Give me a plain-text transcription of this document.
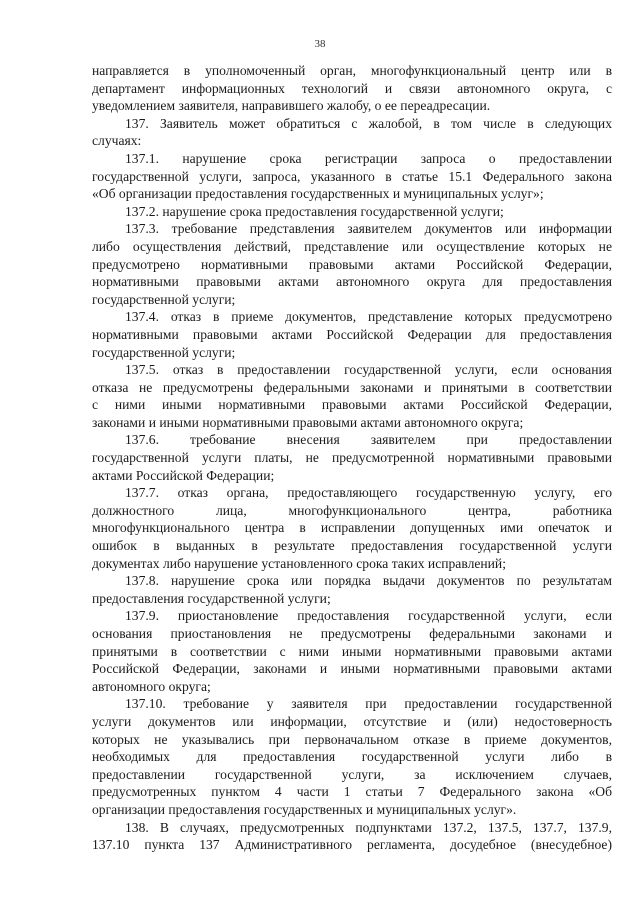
38
направляется в уполномоченный орган, многофункциональный центр или в
департамент информационных технологий и связи автономного округа, с
уведомлением заявителя, направившего жалобу, о ее переадресации.
137. Заявитель может обратиться с жалобой, в том числе в следующих
случаях:
137.1. нарушение срока регистрации запроса о предоставлении
государственной услуги, запроса, указанного в статье 15.1 Федерального закона
«Об организации предоставления государственных и муниципальных услуг»;
137.2. нарушение срока предоставления государственной услуги;
137.3. требование представления заявителем документов или информации
либо осуществления действий, представление или осуществление которых не
предусмотрено нормативными правовыми актами Российской Федерации,
нормативными правовыми актами автономного округа для предоставления
государственной услуги;
137.4. отказ в приеме документов, представление которых предусмотрено
нормативными правовыми актами Российской Федерации для предоставления
государственной услуги;
137.5. отказ в предоставлении государственной услуги, если основания
отказа не предусмотрены федеральными законами и принятыми в соответствии
с ними иными нормативными правовыми актами Российской Федерации,
законами и иными нормативными правовыми актами автономного округа;
137.6. требование внесения заявителем при предоставлении
государственной услуги платы, не предусмотренной нормативными правовыми
актами Российской Федерации;
137.7. отказ органа, предоставляющего государственную услугу, его
должностного лица, многофункционального центра, работника
многофункционального центра в исправлении допущенных ими опечаток и
ошибок в выданных в результате предоставления государственной услуги
документах либо нарушение установленного срока таких исправлений;
137.8. нарушение срока или порядка выдачи документов по результатам
предоставления государственной услуги;
137.9. приостановление предоставления государственной услуги, если
основания приостановления не предусмотрены федеральными законами и
принятыми в соответствии с ними иными нормативными правовыми актами
Российской Федерации, законами и иными нормативными правовыми актами
автономного округа;
137.10. требование у заявителя при предоставлении государственной
услуги документов или информации, отсутствие и (или) недостоверность
которых не указывались при первоначальном отказе в приеме документов,
необходимых для предоставления государственной услуги либо в
предоставлении государственной услуги, за исключением случаев,
предусмотренных пунктом 4 части 1 статьи 7 Федерального закона «Об
организации предоставления государственных и муниципальных услуг».
138. В случаях, предусмотренных подпунктами 137.2, 137.5, 137.7, 137.9,
137.10 пункта 137 Административного регламента, досудебное (внесудебное)
